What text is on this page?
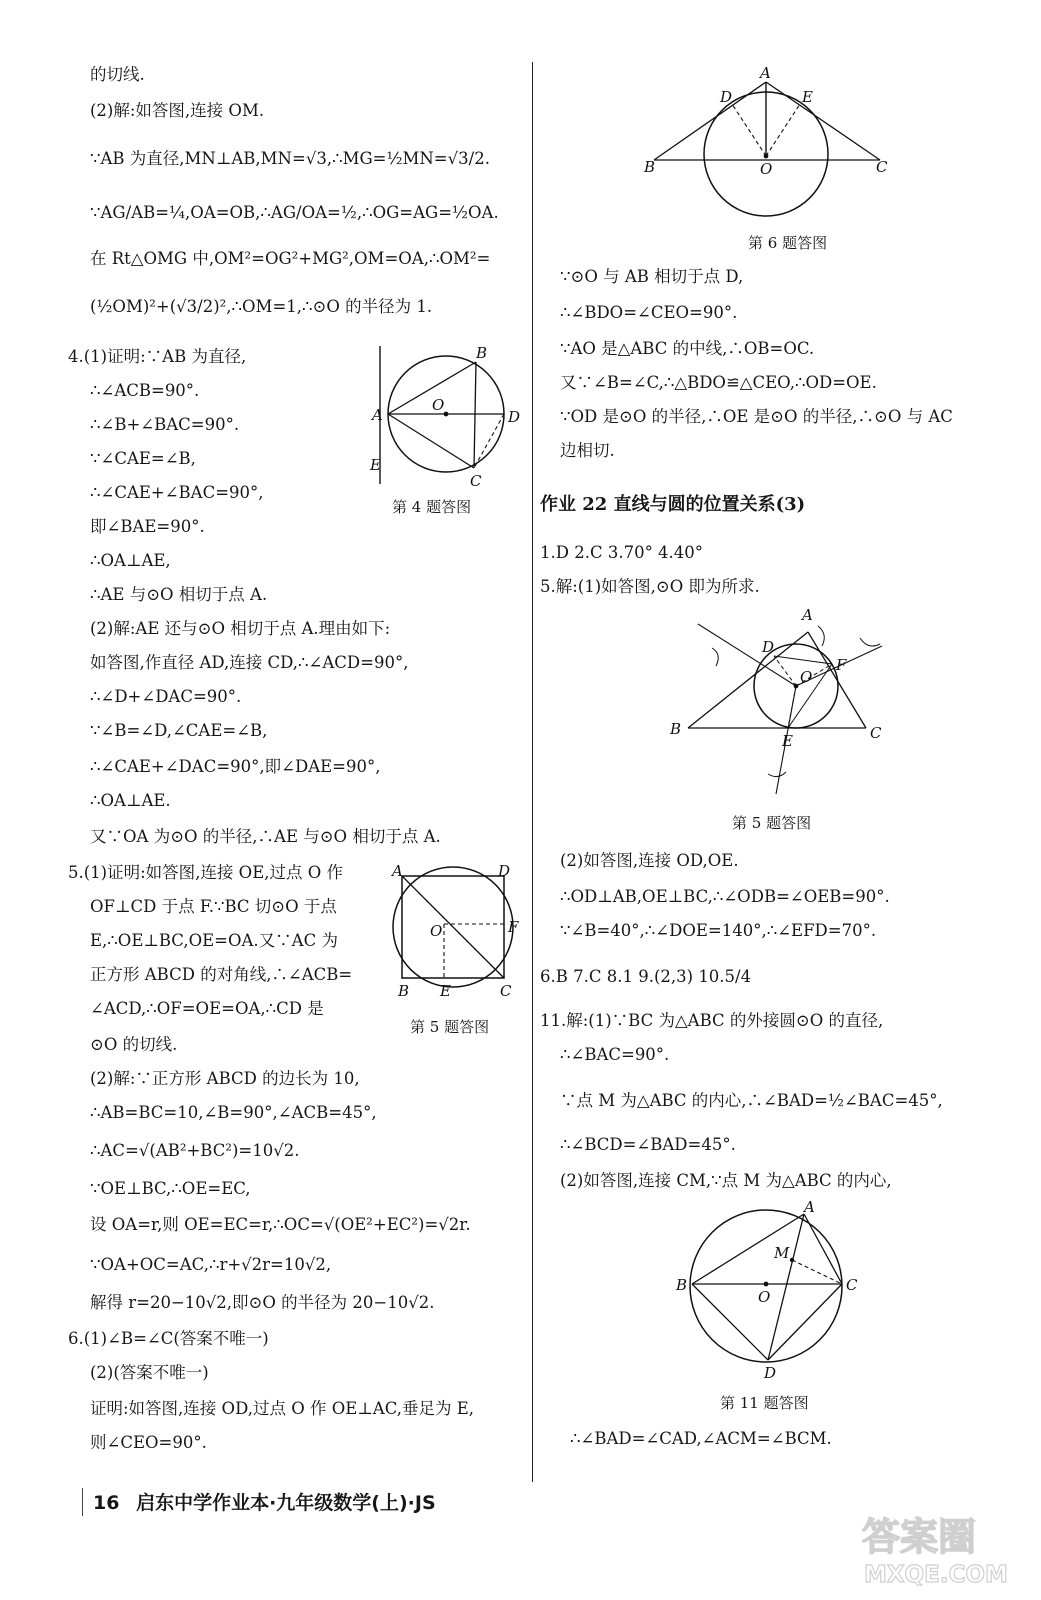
的切线.
(2)解:如答图,连接 OM.
∵AB 为直径,MN⊥AB,MN=√3,∴MG=½MN=√3/2.
∵AG/AB=¼,OA=OB,∴AG/OA=½,∴OG=AG=½OA.
在 Rt△OMG 中,OM²=OG²+MG²,OM=OA,∴OM²=
(½OM)²+(√3/2)²,∴OM=1,∴⊙O 的半径为 1.
4.(1)证明:∵AB 为直径,
∴∠ACB=90°.
∴∠B+∠BAC=90°.
∵∠CAE=∠B,
∴∠CAE+∠BAC=90°,
即∠BAE=90°.
∴OA⊥AE,
∴AE 与⊙O 相切于点 A.
(2)解:AE 还与⊙O 相切于点 A.理由如下:
如答图,作直径 AD,连接 CD,∴∠ACD=90°,
∴∠D+∠DAC=90°.
∵∠B=∠D,∠CAE=∠B,
∴∠CAE+∠DAC=90°,即∠DAE=90°,
∴OA⊥AE.
又∵OA 为⊙O 的半径,∴AE 与⊙O 相切于点 A.
5.(1)证明:如答图,连接 OE,过点 O 作
OF⊥CD 于点 F.∵BC 切⊙O 于点
E,∴OE⊥BC,OE=OA.又∵AC 为
正方形 ABCD 的对角线,∴∠ACB=
∠ACD,∴OF=OE=OA,∴CD 是
⊙O 的切线.
(2)解:∵正方形 ABCD 的边长为 10,
∴AB=BC=10,∠B=90°,∠ACB=45°,
∴AC=√(AB²+BC²)=10√2.
∵OE⊥BC,∴OE=EC,
设 OA=r,则 OE=EC=r,∴OC=√(OE²+EC²)=√2r.
∵OA+OC=AC,∴r+√2r=10√2,
解得 r=20−10√2,即⊙O 的半径为 20−10√2.
6.(1)∠B=∠C(答案不唯一)
(2)(答案不唯一)
证明:如答图,连接 OD,过点 O 作 OE⊥AC,垂足为 E,
则∠CEO=90°.
A
B
C
D
E
O
第 4 题答图
A
B	C
D
E
F
O
第 5 题答图
A
B	C
D	E
O
第 6 题答图
∵⊙O 与 AB 相切于点 D,
∴∠BDO=∠CEO=90°.
∵AO 是△ABC 的中线,∴OB=OC.
又∵∠B=∠C,∴△BDO≌△CEO,∴OD=OE.
∵OD 是⊙O 的半径,∴OE 是⊙O 的半径,∴⊙O 与 AC
边相切.
作业 22 直线与圆的位置关系(3)
1.D 2.C 3.70° 4.40°
5.解:(1)如答图,⊙O 即为所求.
A
B	C
D
E
F
O
第 5 题答图
(2)如答图,连接 OD,OE.
∴OD⊥AB,OE⊥BC,∴∠ODB=∠OEB=90°.
∵∠B=40°,∴∠DOE=140°,∴∠EFD=70°.
6.B 7.C 8.1 9.(2,3) 10.5/4
11.解:(1)∵BC 为△ABC 的外接圆⊙O 的直径,
∴∠BAC=90°.
∵点 M 为△ABC 的内心,∴∠BAD=½∠BAC=45°,
∴∠BCD=∠BAD=45°.
(2)如答图,连接 CM,∵点 M 为△ABC 的内心,
A
B	C
D
M
O
第 11 题答图
∴∠BAD=∠CAD,∠ACM=∠BCM.
16 启东中学作业本·九年级数学(上)·JS
答案圈
MXQE.COM
